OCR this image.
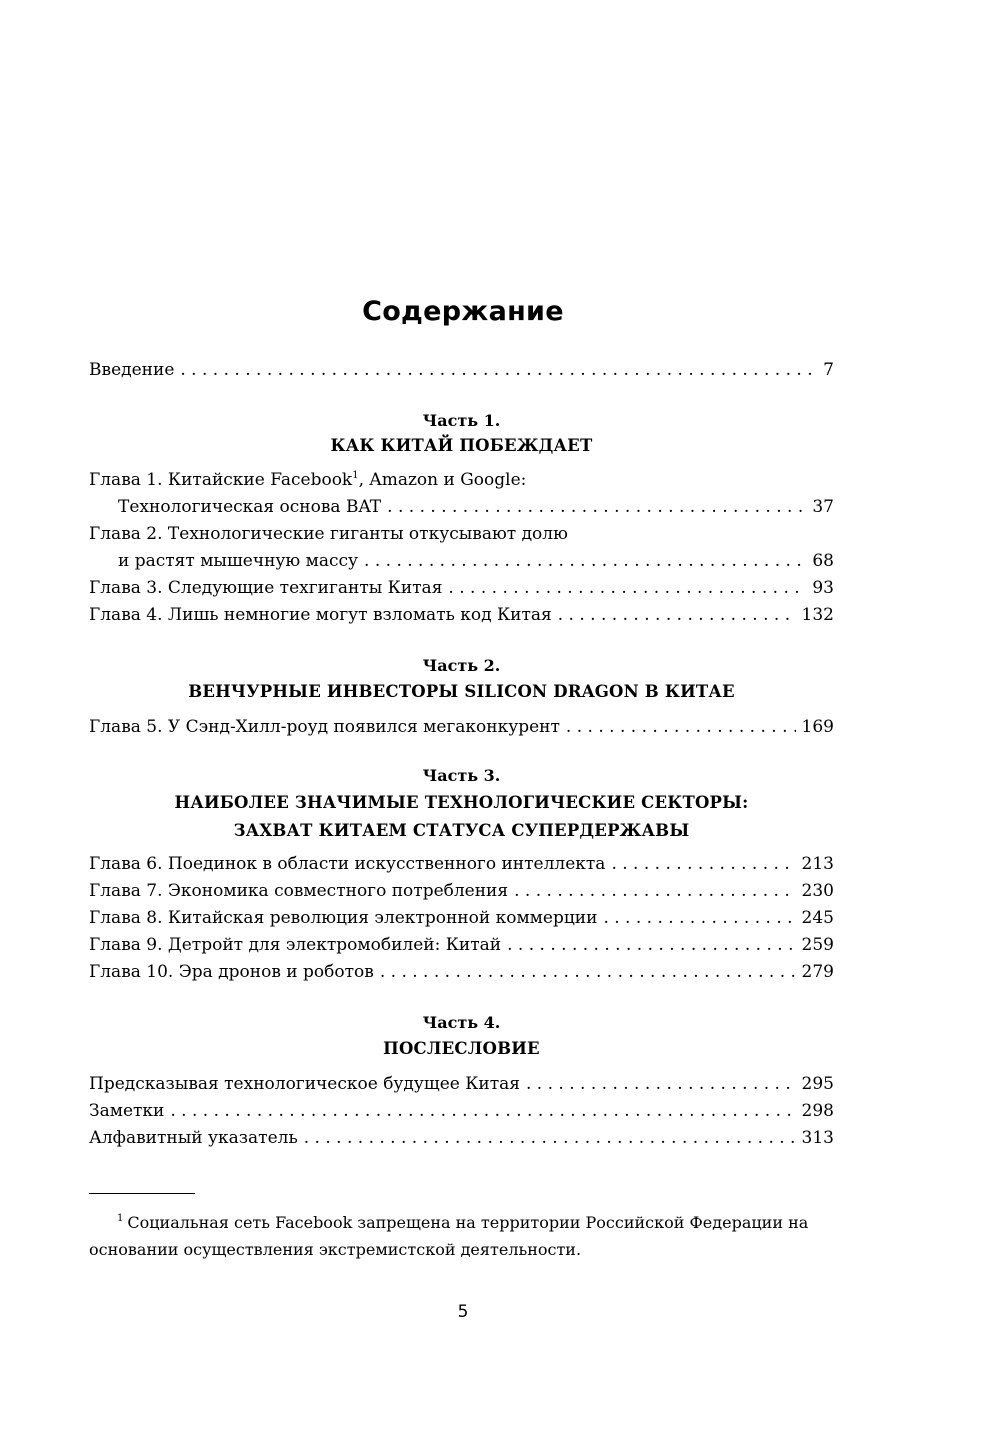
Содержание
Введение . . .	7
Часть 1.
КАК КИТАЙ ПОБЕЖДАЕТ
Глава 1. Китайские Facebook$^1$, Amazon и Google:
Технологическая основа BAT . . .	37
Глава 2. Технологические гиганты откусывают долю
и растят мышечную массу . . .	68
Глава 3. Следующие техгиганты Китая . . .	93
Глава 4. Лишь немногие могут взломать код Китая . . .	132
Часть 2.
ВЕНЧУРНЫЕ ИНВЕСТОРЫ SILICON DRAGON В КИТАЕ
Глава 5. У Сэнд-Хилл-роуд появился мегаконкурент . . .	169
Часть 3.
НАИБОЛЕЕ ЗНАЧИМЫЕ ТЕХНОЛОГИЧЕСКИЕ СЕКТОРЫ:
ЗАХВАТ КИТАЕМ СТАТУСА СУПЕРДЕРЖАВЫ
Глава 6. Поединок в области искусственного интеллекта . . .	213
Глава 7. Экономика совместного потребления . . .	230
Глава 8. Китайская революция электронной коммерции . . .	245
Глава 9. Детройт для электромобилей: Китай . . .	259
Глава 10. Эра дронов и роботов . . .	279
Часть 4.
ПОСЛЕСЛОВИЕ
Предсказывая технологическое будущее Китая . . .	295
Заметки . . .	298
Алфавитный указатель . . .	313
$^1$ Социальная сеть Facebook запрещена на территории Российской Федерации на основании осуществления экстремистской деятельности.
5
